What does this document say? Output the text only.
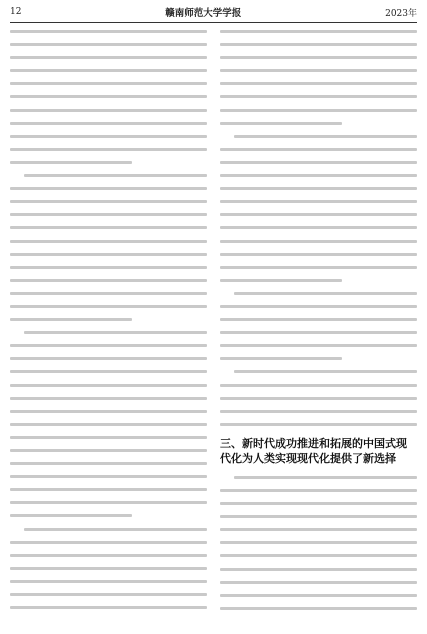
12	赣南师范大学学报	2023年
三、新时代成功推进和拓展的中国式现代化为人类实现现代化提供了新选择
